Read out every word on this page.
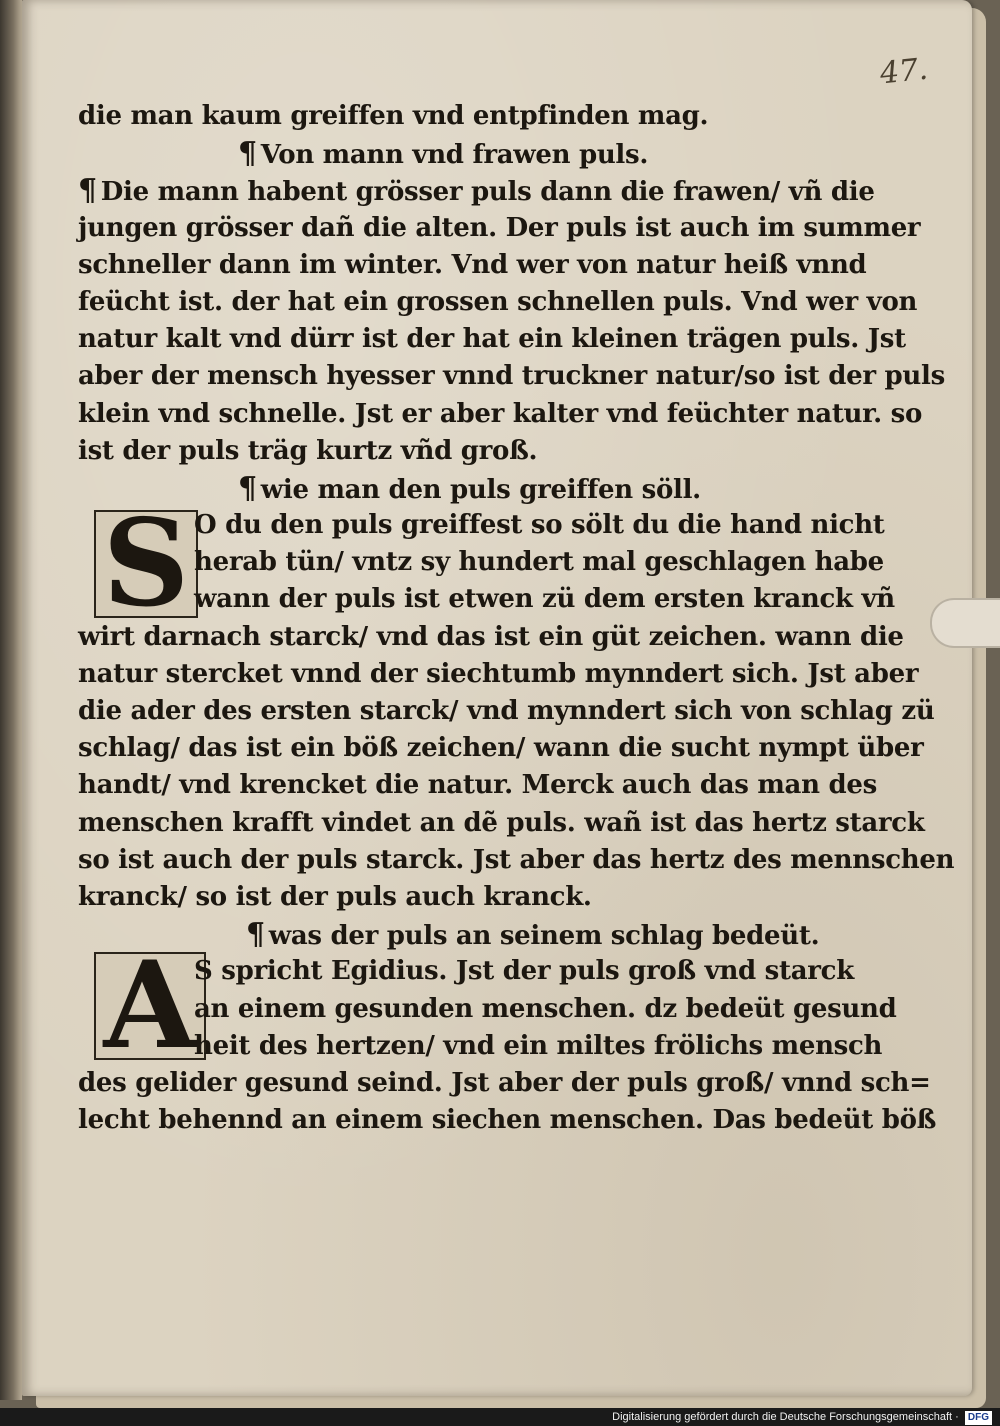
47.
S
A
die man kaum greiffen vnd entpfinden mag.
¶ Von mann vnd frawen puls.
¶ Die mann habent grösser puls dann die frawen/ vñ die
jungen grösser dañ die alten. Der puls ist auch im summer
schneller dann im winter. Vnd wer von natur heiß vnnd
feücht ist. der hat ein grossen schnellen puls. Vnd wer von
natur kalt vnd dürr ist der hat ein kleinen trägen puls. Jst
aber der mensch hyesser vnnd truckner natur/so ist der puls
klein vnd schnelle. Jst er aber kalter vnd feüchter natur. so
ist der puls träg kurtz vñd groß.
¶ wie man den puls greiffen söll.
O du den puls greiffest so sölt du die hand nicht
herab tün/ vntz sy hundert mal geschlagen habe
wann der puls ist etwen zü dem ersten kranck vñ
wirt darnach starck/ vnd das ist ein güt zeichen. wann die
natur stercket vnnd der siechtumb mynndert sich. Jst aber
die ader des ersten starck/ vnd mynndert sich von schlag zü
schlag/ das ist ein böß zeichen/ wann die sucht nympt über
handt/ vnd krencket die natur. Merck auch das man des
menschen krafft vindet an dẽ puls. wañ ist das hertz starck
so ist auch der puls starck. Jst aber das hertz des mennschen
kranck/ so ist der puls auch kranck.
¶ was der puls an seinem schlag bedeüt.
S spricht Egidius. Jst der puls groß vnd starck
an einem gesunden menschen. dz bedeüt gesund
heit des hertzen/ vnd ein miltes frölichs mensch
des gelider gesund seind. Jst aber der puls groß/ vnnd sch=
lecht behennd an einem siechen menschen. Das bedeüt böß
Digitalisierung gefördert durch die Deutsche Forschungsgemeinschaft · DFG
